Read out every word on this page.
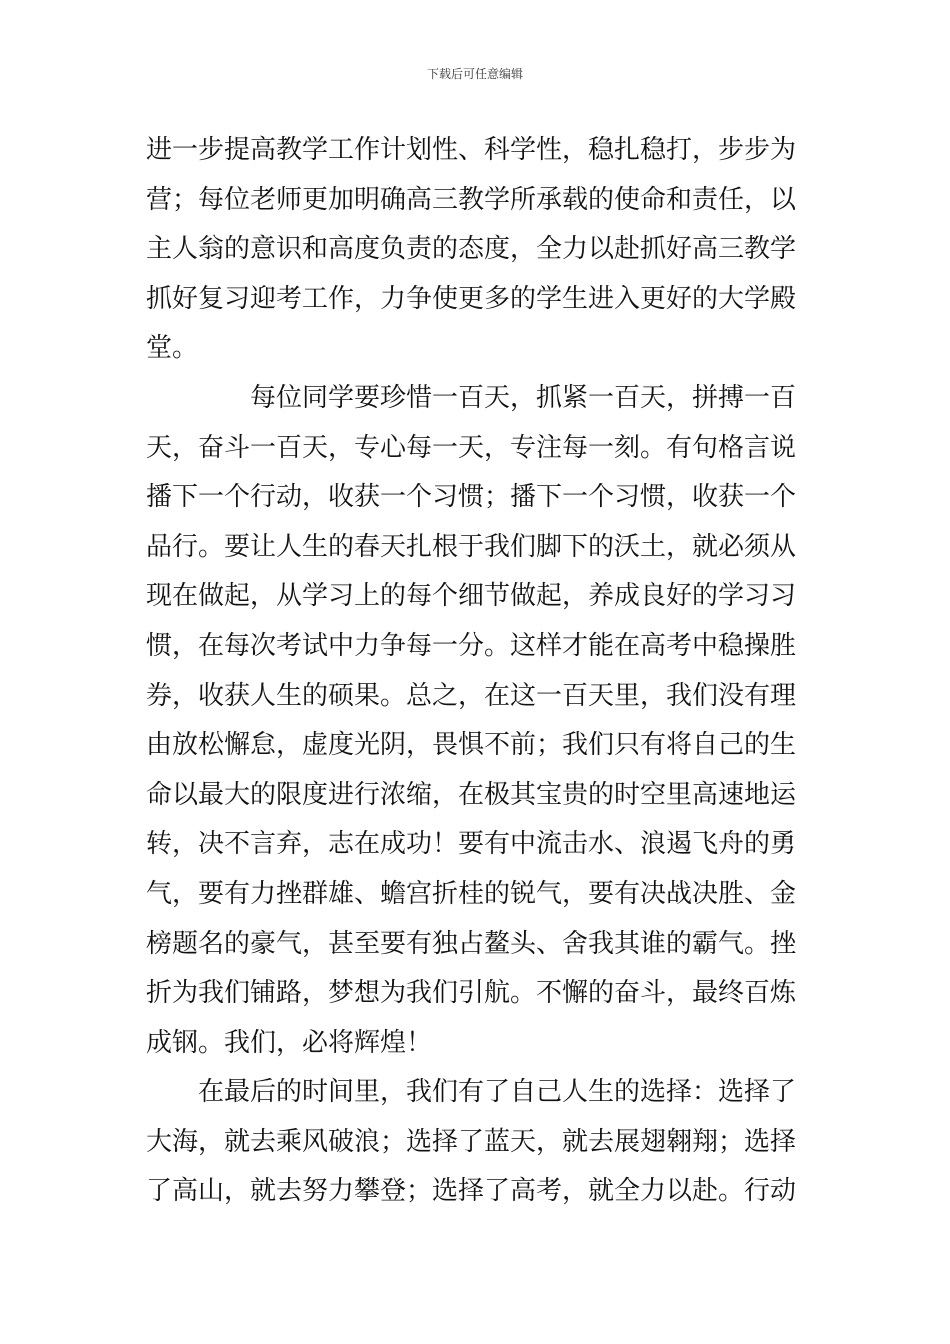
下载后可任意编辑
进一步提高教学工作计划性、科学性，稳扎稳打，步步为
营；每位老师更加明确高三教学所承载的使命和责任，以
主人翁的意识和高度负责的态度，全力以赴抓好高三教学
抓好复习迎考工作，力争使更多的学生进入更好的大学殿
堂。
　　　　每位同学要珍惜一百天，抓紧一百天，拼搏一百
天，奋斗一百天，专心每一天，专注每一刻。有句格言说
播下一个行动，收获一个习惯；播下一个习惯，收获一个
品行。要让人生的春天扎根于我们脚下的沃土，就必须从
现在做起，从学习上的每个细节做起，养成良好的学习习
惯，在每次考试中力争每一分。这样才能在高考中稳操胜
券，收获人生的硕果。总之，在这一百天里，我们没有理
由放松懈怠，虚度光阴，畏惧不前；我们只有将自己的生
命以最大的限度进行浓缩，在极其宝贵的时空里高速地运
转，决不言弃，志在成功！要有中流击水、浪遏飞舟的勇
气，要有力挫群雄、蟾宫折桂的锐气，要有决战决胜、金
榜题名的豪气，甚至要有独占鳌头、舍我其谁的霸气。挫
折为我们铺路，梦想为我们引航。不懈的奋斗，最终百炼
成钢。我们，必将辉煌！
　　在最后的时间里，我们有了自己人生的选择：选择了
大海，就去乘风破浪；选择了蓝天，就去展翅翱翔；选择
了高山，就去努力攀登；选择了高考，就全力以赴。行动
